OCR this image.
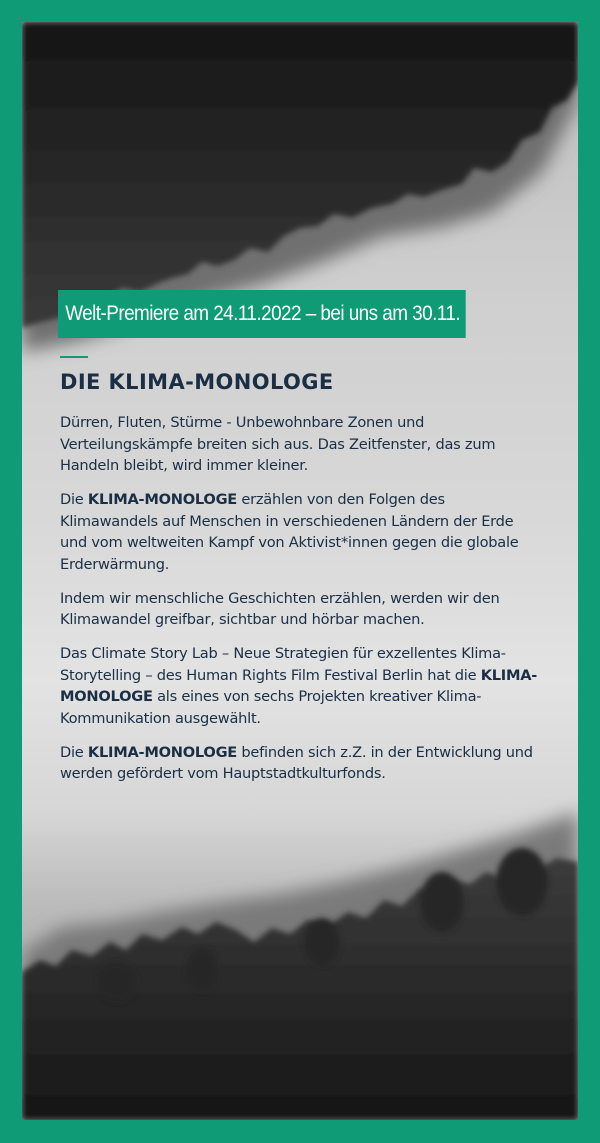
Welt-Premiere am 24.11.2022 – bei uns am 30.11.
DIE KLIMA-MONOLOGE

Dürren, Fluten, Stürme - Unbewohnbare Zonen und Verteilungskämpfe breiten sich aus. Das Zeitfenster, das zum Handeln bleibt, wird immer kleiner.

Die KLIMA-MONOLOGE erzählen von den Folgen des Klimawandels auf Menschen in verschiedenen Ländern der Erde und vom weltweiten Kampf von Aktivist*innen gegen die globale Erderwärmung.

Indem wir menschliche Geschichten erzählen, werden wir den Klimawandel greifbar, sichtbar und hörbar machen.

Das Climate Story Lab – Neue Strategien für exzellentes Klima-Storytelling – des Human Rights Film Festival Berlin hat die KLIMA-MONOLOGE als eines von sechs Projekten kreativer Klima-Kommunikation ausgewählt.

Die KLIMA-MONOLOGE befinden sich z.Z. in der Entwicklung und werden gefördert vom Hauptstadtkulturfonds.
